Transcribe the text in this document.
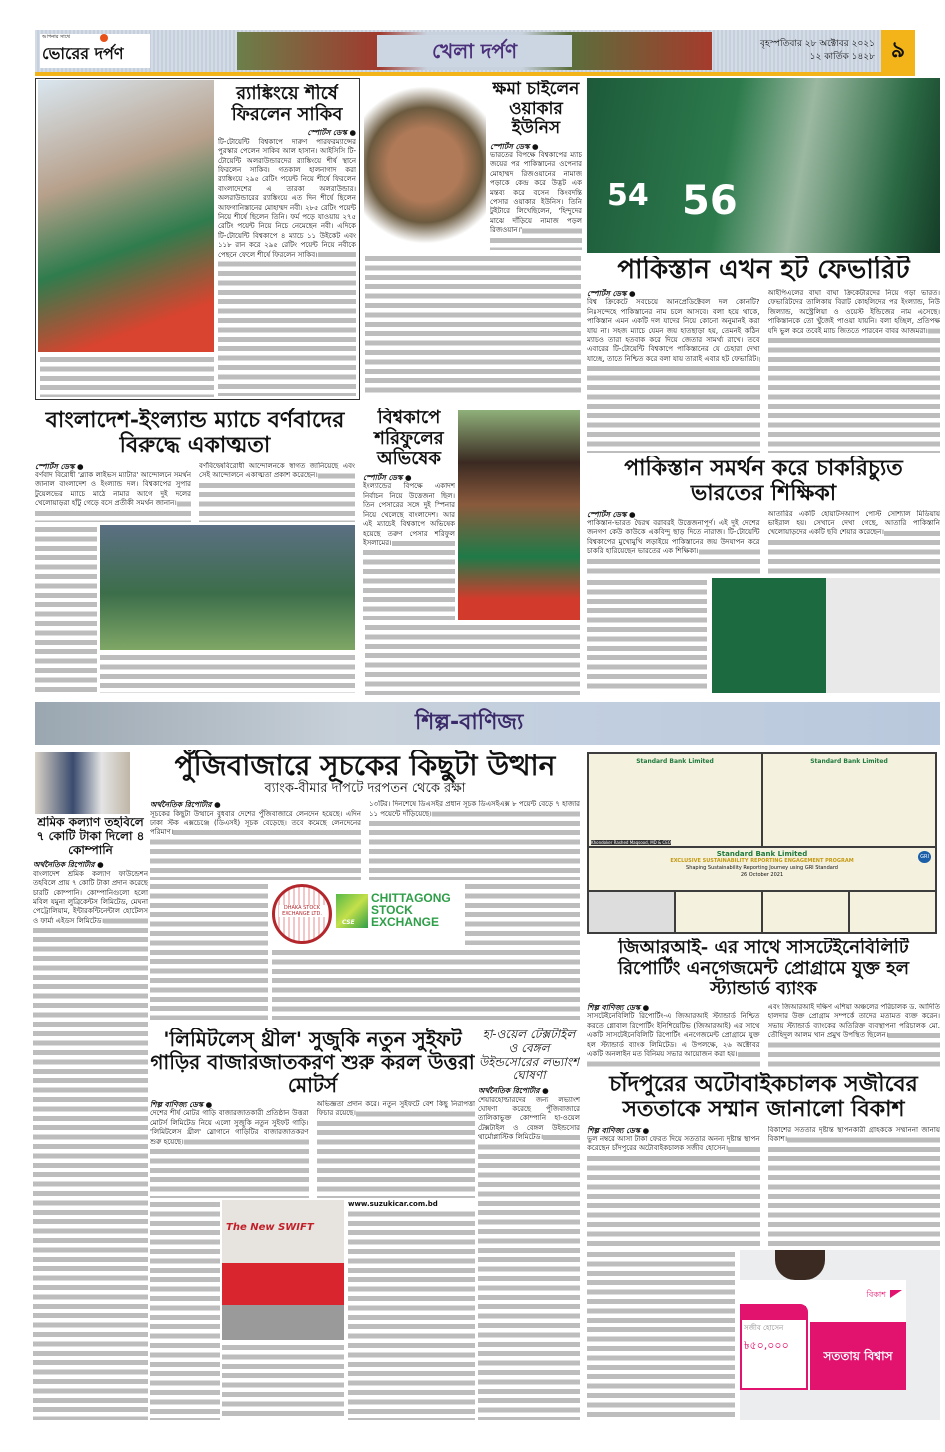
আপনার সাথে
ভোরের দর্পণ	খেলা দর্পণ	বৃহস্পতিবার ২৮ অক্টোবর ২০২১
১২ কার্তিক ১৪২৮ ৯
র‌্যাঙ্কিংয়ে শীর্ষে ফিরলেন সাকিব
স্পোর্টস ডেস্ক ●

টি-টোয়েন্টি বিশ্বকাপে দারুণ পারফরম্যান্সের পুরস্কার পেলেন সাকিব আল হাসান। আইসিসি টি-টোয়েন্টি অলরাউন্ডারদের র‌্যাঙ্কিংয়ে শীর্ষ স্থানে ফিরলেন সাকিব। গতকাল হালনাগাদ করা র‌্যাঙ্কিংয়ে ২৯৫ রেটিং পয়েন্ট নিয়ে শীর্ষে ফিরলেন বাংলাদেশের এ তারকা অলরাউন্ডার। অলরাউন্ডারের র‌্যাঙ্কিংয়ে এত দিন শীর্ষে ছিলেন আফগানিস্তানের মোহাম্মদ নবী। ২৮৫ রেটিং পয়েন্ট নিয়ে শীর্ষে ছিলেন তিনি। ফর্ম পড়ে যাওয়ায় ২৭৫ রেটিং পয়েন্ট নিয়ে নিচে নেমেছেন নবী। এদিকে টি-টোয়েন্টি বিশ্বকাপে ৪ ম্যাচে ১১ উইকেট এবং ১১৮ রান করে ২৯৫ রেটিং পয়েন্ট নিয়ে নবীকে পেছনে ফেলে শীর্ষে ফিরলেন সাকিব।

ক্ষমা চাইলেন ওয়াকার ইউনিস
স্পোর্টস ডেস্ক ●

ভারতের বিপক্ষে বিশ্বকাপের ম্যাচ জয়ের পর পাকিস্তানের ওপেনার মোহাম্মদ রিজওয়ানের নামাজ পড়াকে কেন্দ্র করে উদ্ভট এক মন্তব্য করে বসেন কিংবদন্তি পেসার ওয়াকার ইউনিস। তিনি টুইটারে লিখেছিলেন, 'হিন্দুদের মাঝে দাঁড়িয়ে নামাজ পড়ল রিজওয়ান।'

54 56
পাকিস্তান এখন হট ফেভারিট
স্পোর্টস ডেস্ক ●

বিশ্ব ক্রিকেটে সবচেয়ে আনপ্রেডিক্টেবল দল কোনটি? নিঃসন্দেহে পাকিস্তানের নাম চলে আসবে। বলা হয়ে থাকে, পাকিস্তান এমন একটি দল যাদের নিয়ে কোনো অনুমানই করা যায় না। সহজ ম্যাচে যেমন জয় হাতছাড়া হয়, তেমনই কঠিন ম্যাচও তারা হতবাক করে দিয়ে জেতার সামর্থ্য রাখে। তবে এবারের টি-টোয়েন্টি বিশ্বকাপে পাকিস্তানের যে চেহারা দেখা যাচ্ছে, তাতে নিশ্চিত করে বলা যায় তারাই এবার হট ফেভারিট।

আইপিএলের বাঘা বাঘা ক্রিকেটারদের নিয়ে গড়া ভারত। ফেভারিটদের তালিকায় বিরাট কোহলিদের পর ইংল্যান্ড, নিউ জিল্যান্ড, অস্ট্রেলিয়া ও ওয়েস্ট ইন্ডিজের নাম এসেছে। পাকিস্তানকে তো খুঁজেই পাওয়া যায়নি। বলা হচ্ছিল, প্রতিপক্ষ যদি ভুল করে তবেই ম্যাচ জিততে পারবেন বাবর আজমরা।

বাংলাদেশ-ইংল্যান্ড ম্যাচে বর্ণবাদের বিরুদ্ধে একাত্মতা
স্পোর্টস ডেস্ক ●

বর্ণবাদ বিরোধী 'ব্ল্যাক লাইভস ম্যাটার' আন্দোলনে সমর্থন জানাল বাংলাদেশ ও ইংল্যান্ড দল। বিশ্বকাপের সুপার টুয়েলভের ম্যাচে মাঠে নামার আগে দুই দলের খেলোয়াড়রা হাঁটু গেড়ে বসে প্রতীকী সমর্থন জানান।

বর্ণবিদ্বেষবিরোধী আন্দোলনকে স্বাগত জানিয়েছে এবং সেই আন্দোলনে একাত্মতা প্রকাশ করেছেন।

বিশ্বকাপে শরিফুলের অভিষেক
স্পোর্টস ডেস্ক ●

ইংল্যান্ডের বিপক্ষে একাদশ নির্বাচন নিয়ে উত্তেজনা ছিল। তিন পেসারের সঙ্গে দুই স্পিনার নিয়ে খেলেছে বাংলাদেশ। আর এই ম্যাচেই বিশ্বকাপে অভিষেক হয়েছে তরুণ পেসার শরিফুল ইসলামের।

পাকিস্তান সমর্থন করে চাকরিচ্যুত ভারতের শিক্ষিকা
স্পোর্টস ডেস্ক ●

পাকিস্তান-ভারত দ্বৈরথ বরাবরই উত্তেজনাপূর্ণ। এই দুই দেশের জনগণ কেউ কাউকে একবিন্দু ছাড় দিতে নারাজ। টি-টোয়েন্টি বিশ্বকাপের মুখোমুখি লড়াইয়ে পাকিস্তানের জয় উদযাপন করে চাকরি হারিয়েছেন ভারতের এক শিক্ষিকা।

আতারির একটি হোয়াটসঅ্যাপ পোস্ট সোশ্যাল মিডিয়ায় ভাইরাল হয়। সেখানে দেখা গেছে, আতারি পাকিস্তানি খেলোয়াড়দের একটি ছবি শেয়ার করেছেন।

শিল্প-বাণিজ্য
শ্রমিক কল্যাণ তহবিলে ৭ কোটি টাকা দিলো ৪ কোম্পানি
অর্থনৈতিক রিপোর্টার ●

বাংলাদেশ শ্রমিক কল্যাণ ফাউন্ডেশন তহবিলে প্রায় ৭ কোটি টাকা প্রদান করেছে চারটি কোম্পানি। কোম্পানিগুলো হলো মবিল যমুনা লুব্রিকেন্টস লিমিটেড, মেঘনা পেট্রোলিয়াম, ইন্টারকন্টিনেন্টাল হোটেলস ও ফার্মা এইডস লিমিটেড।

পুঁজিবাজারে সূচকের কিছুটা উত্থান
ব্যাংক-বীমার দাপটে দরপতন থেকে রক্ষা
অর্থনৈতিক রিপোর্টার ●

সূচকের কিছুটা উত্থানে বুধবার দেশের পুঁজিবাজারে লেনদেন হয়েছে। এদিন ঢাকা স্টক এক্সচেঞ্জে (ডিএসই) সূচক বেড়েছে। তবে কমেছে লেনদেনের পরিমাণ।

১৩টির। দিনশেষে ডিএসইর প্রধান সূচক ডিএসইএক্স ৮ পয়েন্ট বেড়ে ৭ হাজার ১১ পয়েন্টে দাঁড়িয়েছে।

DHAKA STOCK EXCHANGE LTD.
CSE
CHITTAGONG
STOCK
EXCHANGE
Standard Bank Limited
Khondoker Rashed Maqsood, MD & CEO
Standard Bank Limited
Standard Bank Limited
EXCLUSIVE SUSTAINABILITY REPORTING ENGAGEMENT PROGRAM
Shaping Sustainability Reporting Journey using GRI Standard
26 October 2021
GRI
জিআরআই- এর সাথে সাসটেইনেবিলিটি রিপোর্টিং এনগেজমেন্ট প্রোগ্রামে যুক্ত হল স্ট্যান্ডার্ড ব্যাংক
শিল্প বাণিজ্য ডেস্ক ●

সাসটেইনেবিলিটি রিপোর্টিং-এ জিআরআই স্ট্যান্ডার্ড নিশ্চিত করতে গ্লোবাল রিপোর্টিং ইনিশিয়েটিভ (জিআরআই) এর সাথে একটি সাসটেইনেবিলিটি রিপোর্টিং এনগেজমেন্ট প্রোগ্রামে যুক্ত হল স্ট্যান্ডার্ড ব্যাংক লিমিটেড। এ উপলক্ষে, ২৬ অক্টোবর একটি অনলাইন মত বিনিময় সভার আয়োজন করা হয়।

এবং জিআরআই দক্ষিণ এশিয়া অঞ্চলের পরিচালক ড. আদিতি হালদার উক্ত প্রোগ্রাম সম্পর্কে তাদের মতামত ব্যক্ত করেন। সভায় স্ট্যান্ডার্ড ব্যাংকের অতিরিক্ত ব্যবস্থাপনা পরিচালক মো. তৌহিদুল আলম খান প্রমুখ উপস্থিত ছিলেন।

'লিমিটলেস্ থ্রীল' সুজুকি নতুন সুইফট গাড়ির বাজারজাতকরণ শুরু করল উত্তরা মোটর্স
শিল্প বাণিজ্য ডেস্ক ●

দেশের শীর্ষ মোটর গাড়ি বাজারজাতকারী প্রতিষ্ঠান উত্তরা মোটর্স লিমিটেড নিয়ে এলো সুজুকি নতুন সুইফট গাড়ি। 'লিমিটলেস থ্রীল' স্লোগানে গাড়িটির বাজারজাতকরণ শুরু হয়েছে।

অভিজ্ঞতা প্রদান করে। নতুন সুইফটে বেশ কিছু নিরাপত্তা ফিচার রয়েছে।

The New SWIFT
www.suzukicar.com.bd
হা-ওয়েল টেক্সটাইল ও বেঙ্গল উইন্ডসোরের লভ্যাংশ ঘোষণা
অর্থনৈতিক রিপোর্টার ●

শেয়ারহোল্ডারদের জন্য লভ্যাংশ ঘোষণা করেছে পুঁজিবাজারে তালিকাভুক্ত কোম্পানি হা-ওয়েল টেক্সটাইল ও বেঙ্গল উইন্ডসোর থার্মোপ্লাস্টিক লিমিটেড।

চাঁদপুরের অটোবাইকচালক সজীবের সততাকে সম্মান জানালো বিকাশ
শিল্প বাণিজ্য ডেস্ক ●

ভুল নম্বরে আসা টাকা ফেরত দিয়ে সততার অনন্য দৃষ্টান্ত স্থাপন করেছেন চাঁদপুরের অটোবাইকচালক সজীব হোসেন।

বিকাশের সততার দৃষ্টান্ত স্থাপনকারী গ্রাহককে সম্মাননা জানায় বিকাশ।

বিকাশ
সজীব হোসেন
৳৫০,০০০
সততায় বিশ্বাস
